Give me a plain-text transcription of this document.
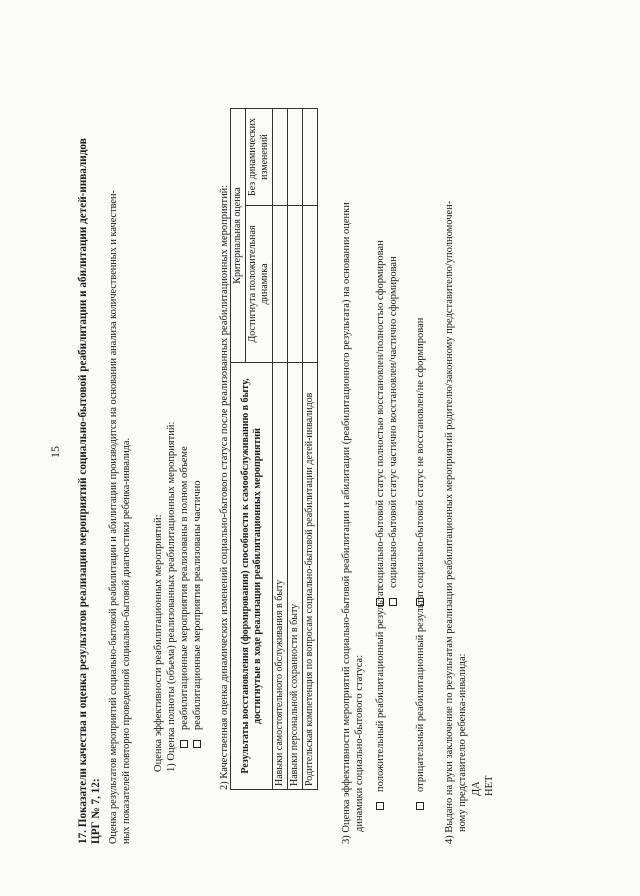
15 17. Показатели качества и оценка результатов реализации мероприятий социально-бытовой реабилитации и абилитации детей-инвалидов ЦРГ № 7, 12: Оценка результатов мероприятий социально-бытовой реабилитации и абилитации производится на основании анализа количественных и качествен- ных показателей повторно проведенной социально-бытовой диагностики ребенка-инвалида. Оценка эффективности реабилитационных мероприятий: 1) Оценка полноты (объема) реализованных реабилитационных мероприятий: реабилитационные мероприятия реализованы в полном объеме реабилитационные мероприятия реализованы частично 2) Качественная оценка динамических изменений социально-бытового статуса после реализованных реабилитационных мероприятий: Результаты восстановления (формирования) способности к самообслуживанию в быту, достигнутые в ходе реализации реабилитационных мероприятий	Критериальная оценка	
	Достигнута положительная динамика	Без динамических изменений
Навыки самостоятельного обслуживания в быту		
Навыки персональной сохранности в быту		
Родительская компетенция по вопросам социально-бытовой реабилитации детей-инвалидов		3) Оценка эффективности мероприятий социально-бытовой реабилитации и абилитации (реабилитационного результата) на основании оценки динамики социально-бытового статуса: положительный реабилитационный результат
социально-бытовой статус полностью восстановлен/полностью сформирован социально-бытовой статус частично восстановлен/частично сформирован
отрицательный реабилитационный результат
социально-бытовой статус не восстановлен/не сформирован 4) Выдано на руки заключение по результатам реализации реабилитационных мероприятий родителю/законному представителю/уполномочен- ному представителю ребенка-инвалида: ДА НЕТ
